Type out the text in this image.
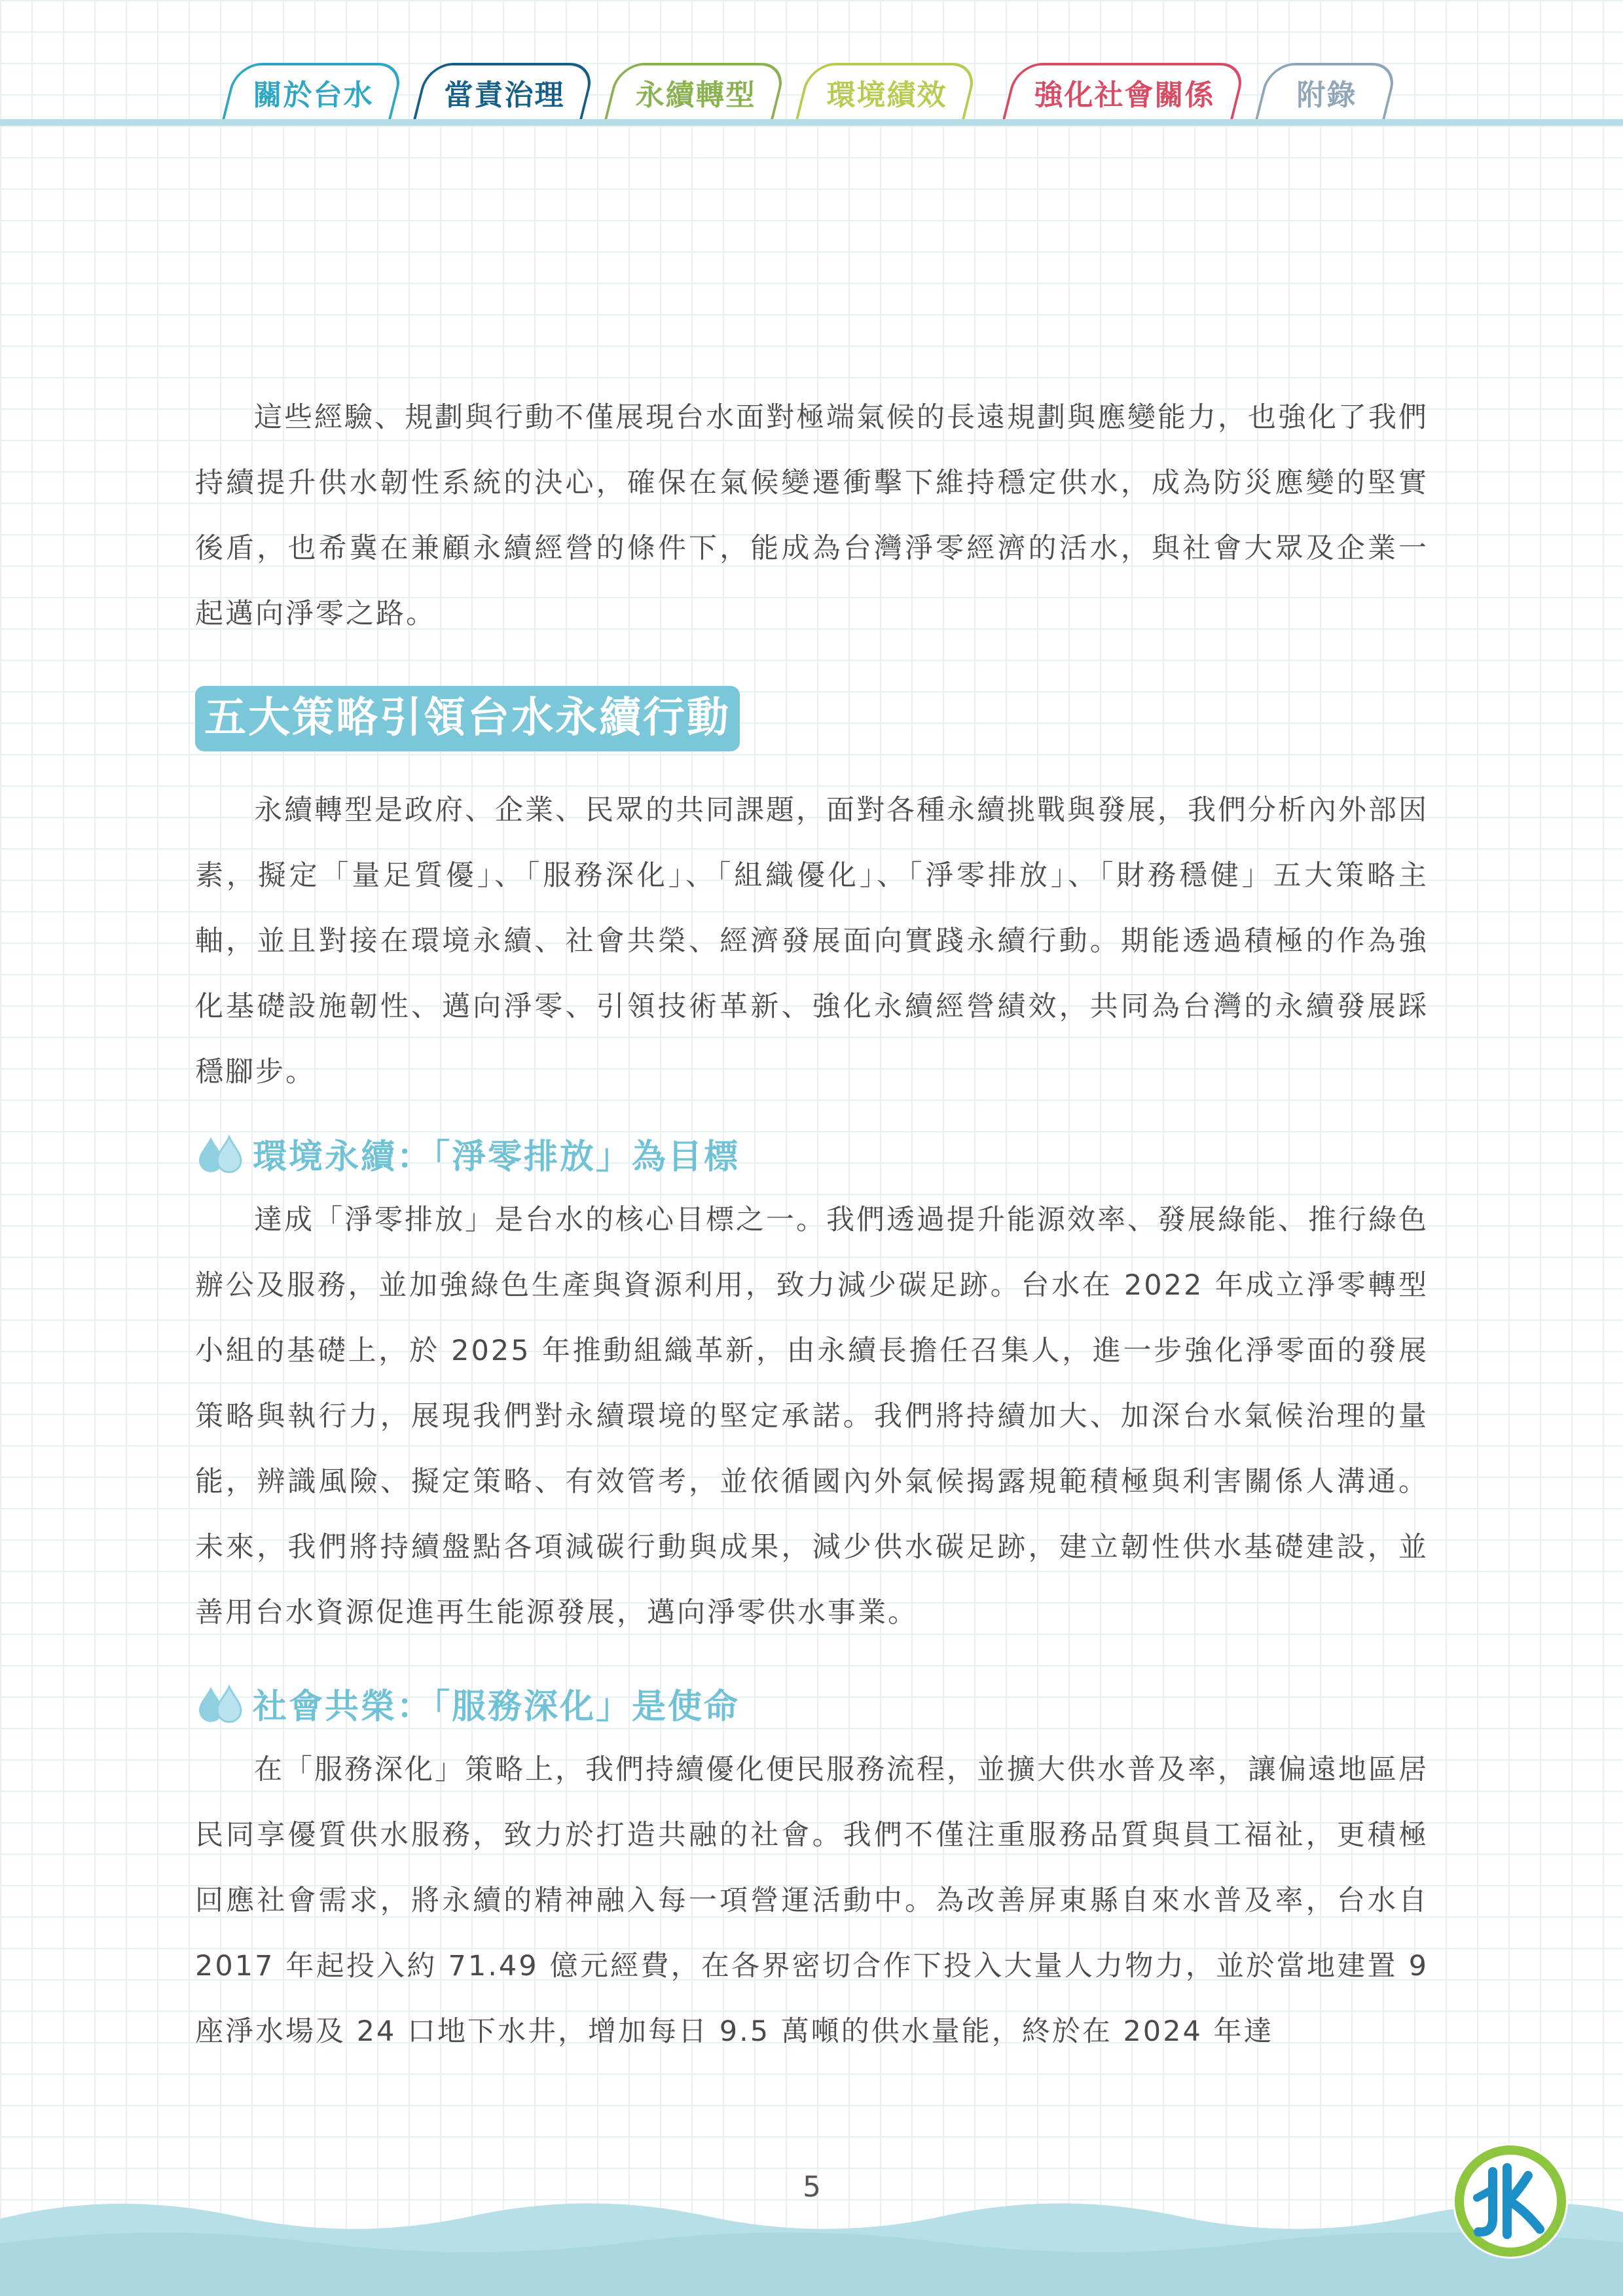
關於台水 當責治理 永續轉型 環境績效	強化社會關係	附錄

這些經驗、規劃與行動不僅展現台水面對極端氣候的長遠規劃與應變能力，也強化了我們持續提升供水韌性系統的決心，確保在氣候變遷衝擊下維持穩定供水，成為防災應變的堅實後盾，也希冀在兼顧永續經營的條件下，能成為台灣淨零經濟的活水，與社會大眾及企業一起邁向淨零之路。

五大策略引領台水永續行動

永續轉型是政府、企業、民眾的共同課題，面對各種永續挑戰與發展，我們分析內外部因素，擬定「量足質優」、「服務深化」、「組織優化」、「淨零排放」、「財務穩健」五大策略主軸，並且對接在環境永續、社會共榮、經濟發展面向實踐永續行動。期能透過積極的作為強化基礎設施韌性、邁向淨零、引領技術革新、強化永續經營績效，共同為台灣的永續發展踩穩腳步。

環境永續：「淨零排放」為目標

達成「淨零排放」是台水的核心目標之一。我們透過提升能源效率、發展綠能、推行綠色辦公及服務，並加強綠色生產與資源利用，致力減少碳足跡。台水在 2022 年成立淨零轉型小組的基礎上，於 2025 年推動組織革新，由永續長擔任召集人，進一步強化淨零面的發展策略與執行力，展現我們對永續環境的堅定承諾。我們將持續加大、加深台水氣候治理的量能，辨識風險、擬定策略、有效管考，並依循國內外氣候揭露規範積極與利害關係人溝通。未來，我們將持續盤點各項減碳行動與成果，減少供水碳足跡，建立韌性供水基礎建設，並善用台水資源促進再生能源發展，邁向淨零供水事業。

社會共榮：「服務深化」是使命

在「服務深化」策略上，我們持續優化便民服務流程，並擴大供水普及率，讓偏遠地區居民同享優質供水服務，致力於打造共融的社會。我們不僅注重服務品質與員工福祉，更積極回應社會需求，將永續的精神融入每一項營運活動中。為改善屏東縣自來水普及率，台水自 2017 年起投入約 71.49 億元經費，在各界密切合作下投入大量人力物力，並於當地建置 9 座淨水場及 24 口地下水井，增加每日 9.5 萬噸的供水量能，終於在 2024 年達

5
